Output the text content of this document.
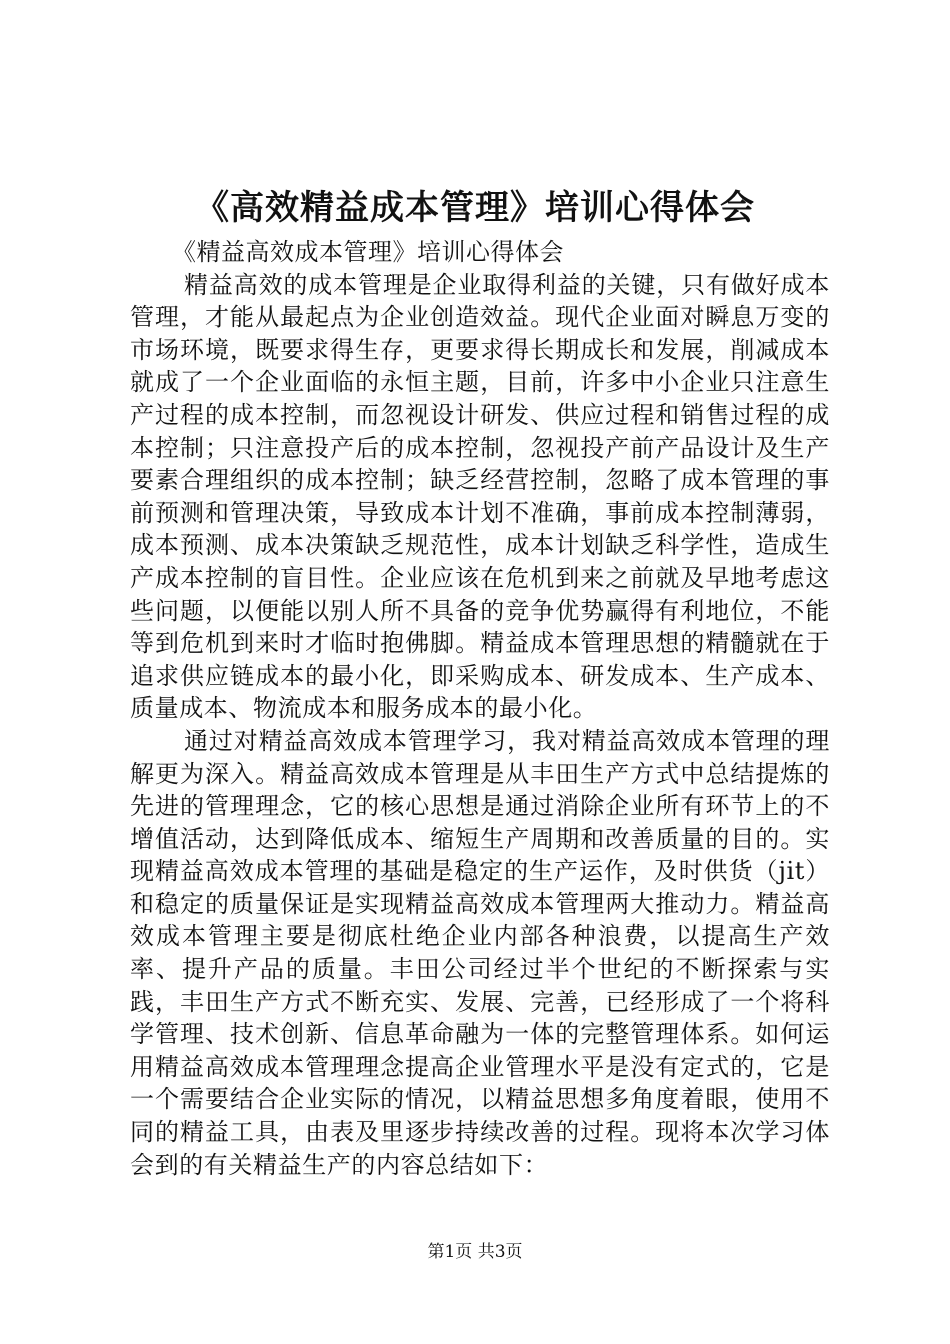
《高效精益成本管理》培训心得体会

《精益高效成本管理》培训心得体会

精益高效的成本管理是企业取得利益的关键，只有做好成本管理，才能从最起点为企业创造效益。现代企业面对瞬息万变的市场环境，既要求得生存，更要求得长期成长和发展，削减成本就成了一个企业面临的永恒主题，目前，许多中小企业只注意生产过程的成本控制，而忽视设计研发、供应过程和销售过程的成本控制；只注意投产后的成本控制，忽视投产前产品设计及生产要素合理组织的成本控制；缺乏经营控制，忽略了成本管理的事前预测和管理决策，导致成本计划不准确，事前成本控制薄弱，成本预测、成本决策缺乏规范性，成本计划缺乏科学性，造成生产成本控制的盲目性。企业应该在危机到来之前就及早地考虑这些问题，以便能以别人所不具备的竞争优势赢得有利地位，不能等到危机到来时才临时抱佛脚。精益成本管理思想的精髓就在于追求供应链成本的最小化，即采购成本、研发成本、生产成本、质量成本、物流成本和服务成本的最小化。

通过对精益高效成本管理学习，我对精益高效成本管理的理解更为深入。精益高效成本管理是从丰田生产方式中总结提炼的先进的管理理念，它的核心思想是通过消除企业所有环节上的不增值活动，达到降低成本、缩短生产周期和改善质量的目的。实现精益高效成本管理的基础是稳定的生产运作，及时供货（jit）和稳定的质量保证是实现精益高效成本管理两大推动力。精益高效成本管理主要是彻底杜绝企业内部各种浪费，以提高生产效率、提升产品的质量。丰田公司经过半个世纪的不断探索与实践，丰田生产方式不断充实、发展、完善，已经形成了一个将科学管理、技术创新、信息革命融为一体的完整管理体系。如何运用精益高效成本管理理念提高企业管理水平是没有定式的，它是一个需要结合企业实际的情况，以精益思想多角度着眼，使用不同的精益工具，由表及里逐步持续改善的过程。现将本次学习体会到的有关精益生产的内容总结如下：

第1页 共3页
